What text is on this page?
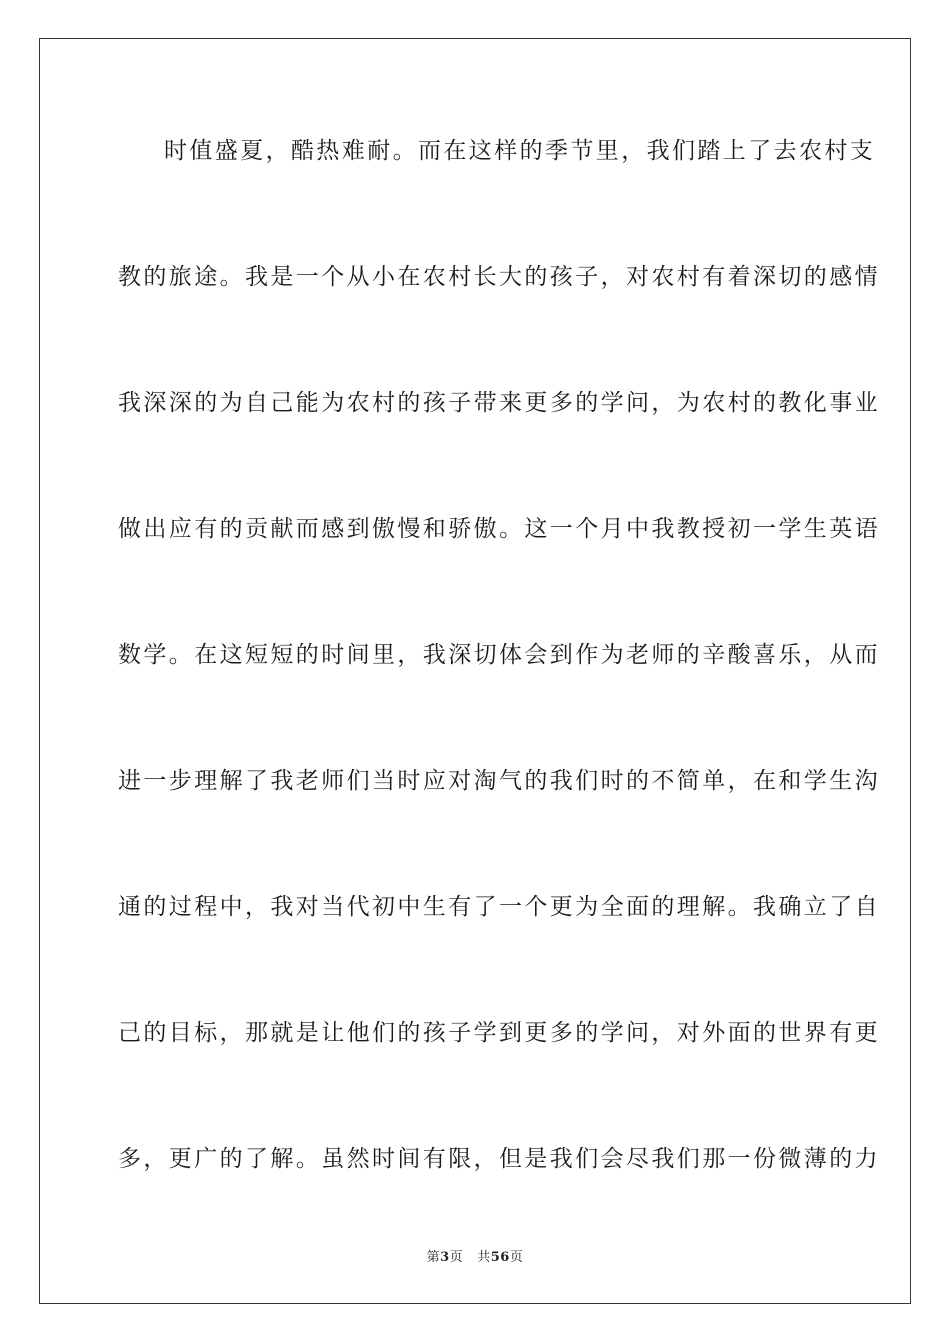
时值盛夏，酷热难耐。而在这样的季节里，我们踏上了去农村支
教的旅途。我是一个从小在农村长大的孩子，对农村有着深切的感情
我深深的为自己能为农村的孩子带来更多的学问，为农村的教化事业
做出应有的贡献而感到傲慢和骄傲。这一个月中我教授初一学生英语
数学。在这短短的时间里，我深切体会到作为老师的辛酸喜乐，从而
进一步理解了我老师们当时应对淘气的我们时的不简单，在和学生沟
通的过程中，我对当代初中生有了一个更为全面的理解。我确立了自
己的目标，那就是让他们的孩子学到更多的学问，对外面的世界有更
多，更广的了解。虽然时间有限，但是我们会尽我们那一份微薄的力
第3页 共56页
